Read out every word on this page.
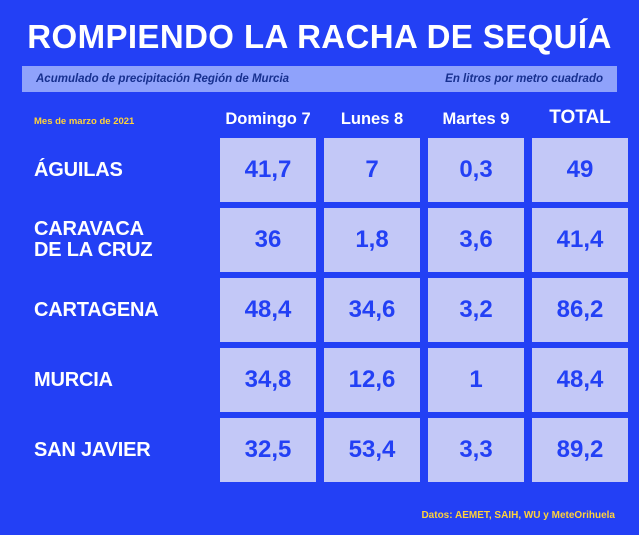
ROMPIENDO LA RACHA DE SEQUÍA
Acumulado de precipitación Región de Murcia	En litros por metro cuadrado
Mes de marzo de 2021	Domingo 7	Lunes 8	Martes 9	TOTAL

ÁGUILAS	41,7	7	0,3	49

CARAVACA
DE LA CRUZ	36	1,8	3,6	41,4

CARTAGENA	48,4	34,6	3,2	86,2

MURCIA	34,8	12,6	1	48,4

SAN JAVIER	32,5	53,4	3,3	89,2
Datos: AEMET, SAIH, WU y MeteOrihuela
